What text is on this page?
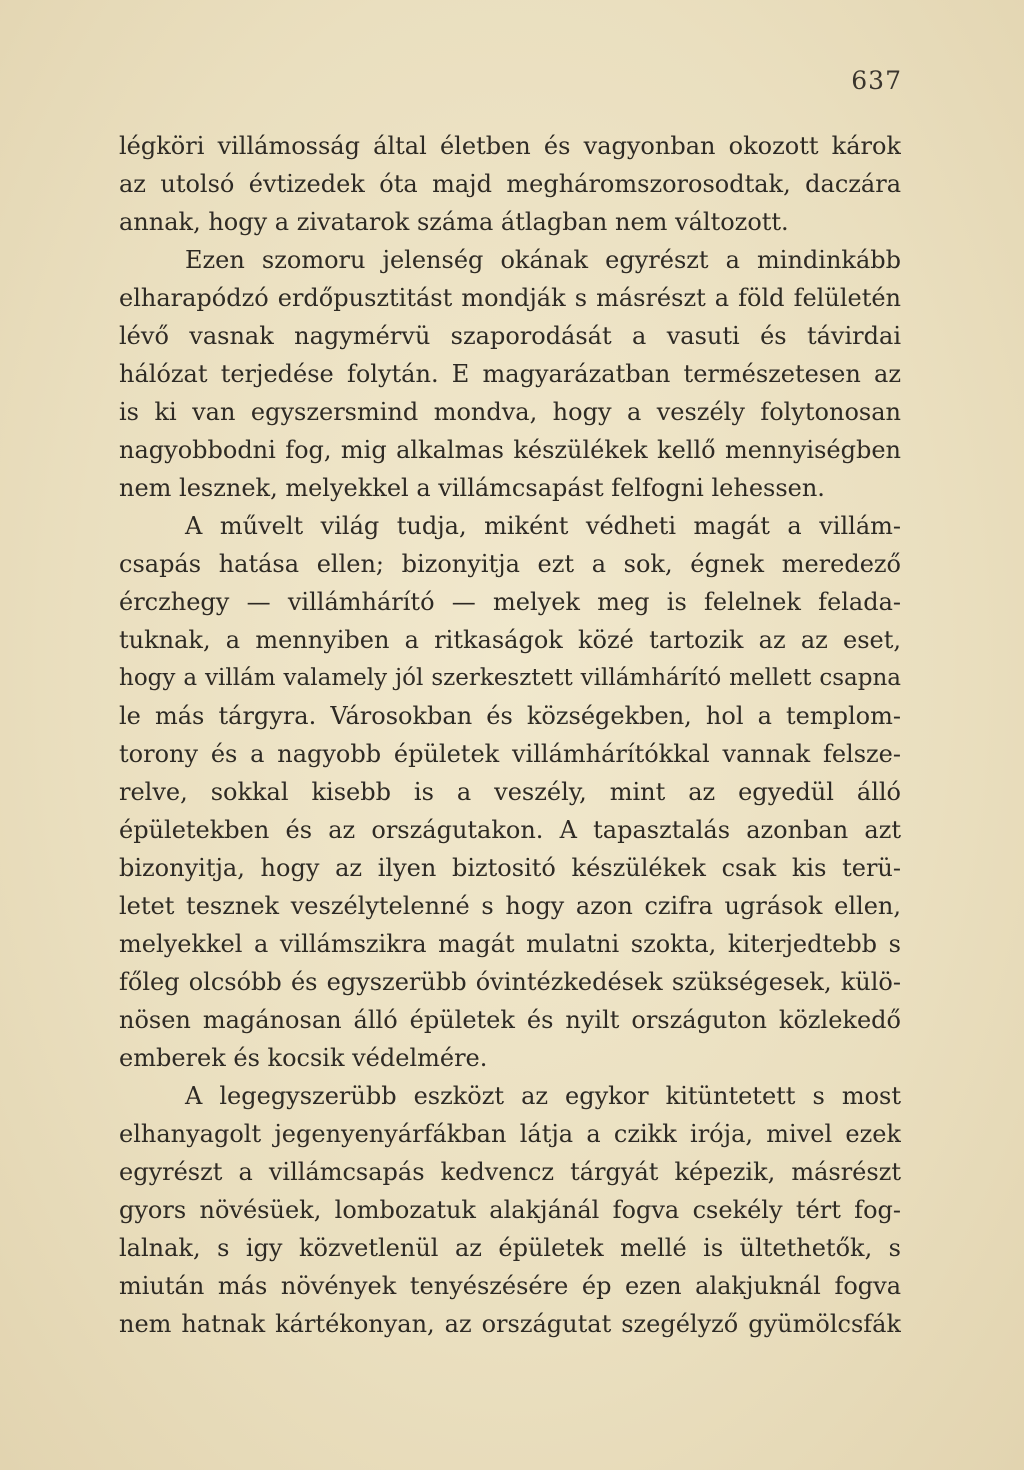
637
légköri villámosság által életben és vagyonban okozott károk
az utolsó évtizedek óta majd megháromszorosodtak, daczára
annak, hogy a zivatarok száma átlagban nem változott.
Ezen szomoru jelenség okának egyrészt a mindinkább
elharapódzó erdőpusztitást mondják s másrészt a föld felületén
lévő vasnak nagymérvü szaporodását a vasuti és távirdai
hálózat terjedése folytán. E magyarázatban természetesen az
is ki van egyszersmind mondva, hogy a veszély folytonosan
nagyobbodni fog, mig alkalmas készülékek kellő mennyiségben
nem lesznek, melyekkel a villámcsapást felfogni lehessen.
A művelt világ tudja, miként védheti magát a villám-
csapás hatása ellen; bizonyitja ezt a sok, égnek meredező
érczhegy — villámhárító — melyek meg is felelnek felada-
tuknak, a mennyiben a ritkaságok közé tartozik az az eset,
hogy a villám valamely jól szerkesztett villámhárító mellett csapna
le más tárgyra. Városokban és községekben, hol a templom-
torony és a nagyobb épületek villámhárítókkal vannak felsze-
relve, sokkal kisebb is a veszély, mint az egyedül álló
épületekben és az országutakon. A tapasztalás azonban azt
bizonyitja, hogy az ilyen biztositó készülékek csak kis terü-
letet tesznek veszélytelenné s hogy azon czifra ugrások ellen,
melyekkel a villámszikra magát mulatni szokta, kiterjedtebb s
főleg olcsóbb és egyszerübb óvintézkedések szükségesek, külö-
nösen magánosan álló épületek és nyilt országuton közlekedő
emberek és kocsik védelmére.
A legegyszerübb eszközt az egykor kitüntetett s most
elhanyagolt jegenyenyárfákban látja a czikk irója, mivel ezek
egyrészt a villámcsapás kedvencz tárgyát képezik, másrészt
gyors növésüek, lombozatuk alakjánál fogva csekély tért fog-
lalnak, s igy közvetlenül az épületek mellé is ültethetők, s
miután más növények tenyészésére ép ezen alakjuknál fogva
nem hatnak kártékonyan, az országutat szegélyző gyümölcsfák
